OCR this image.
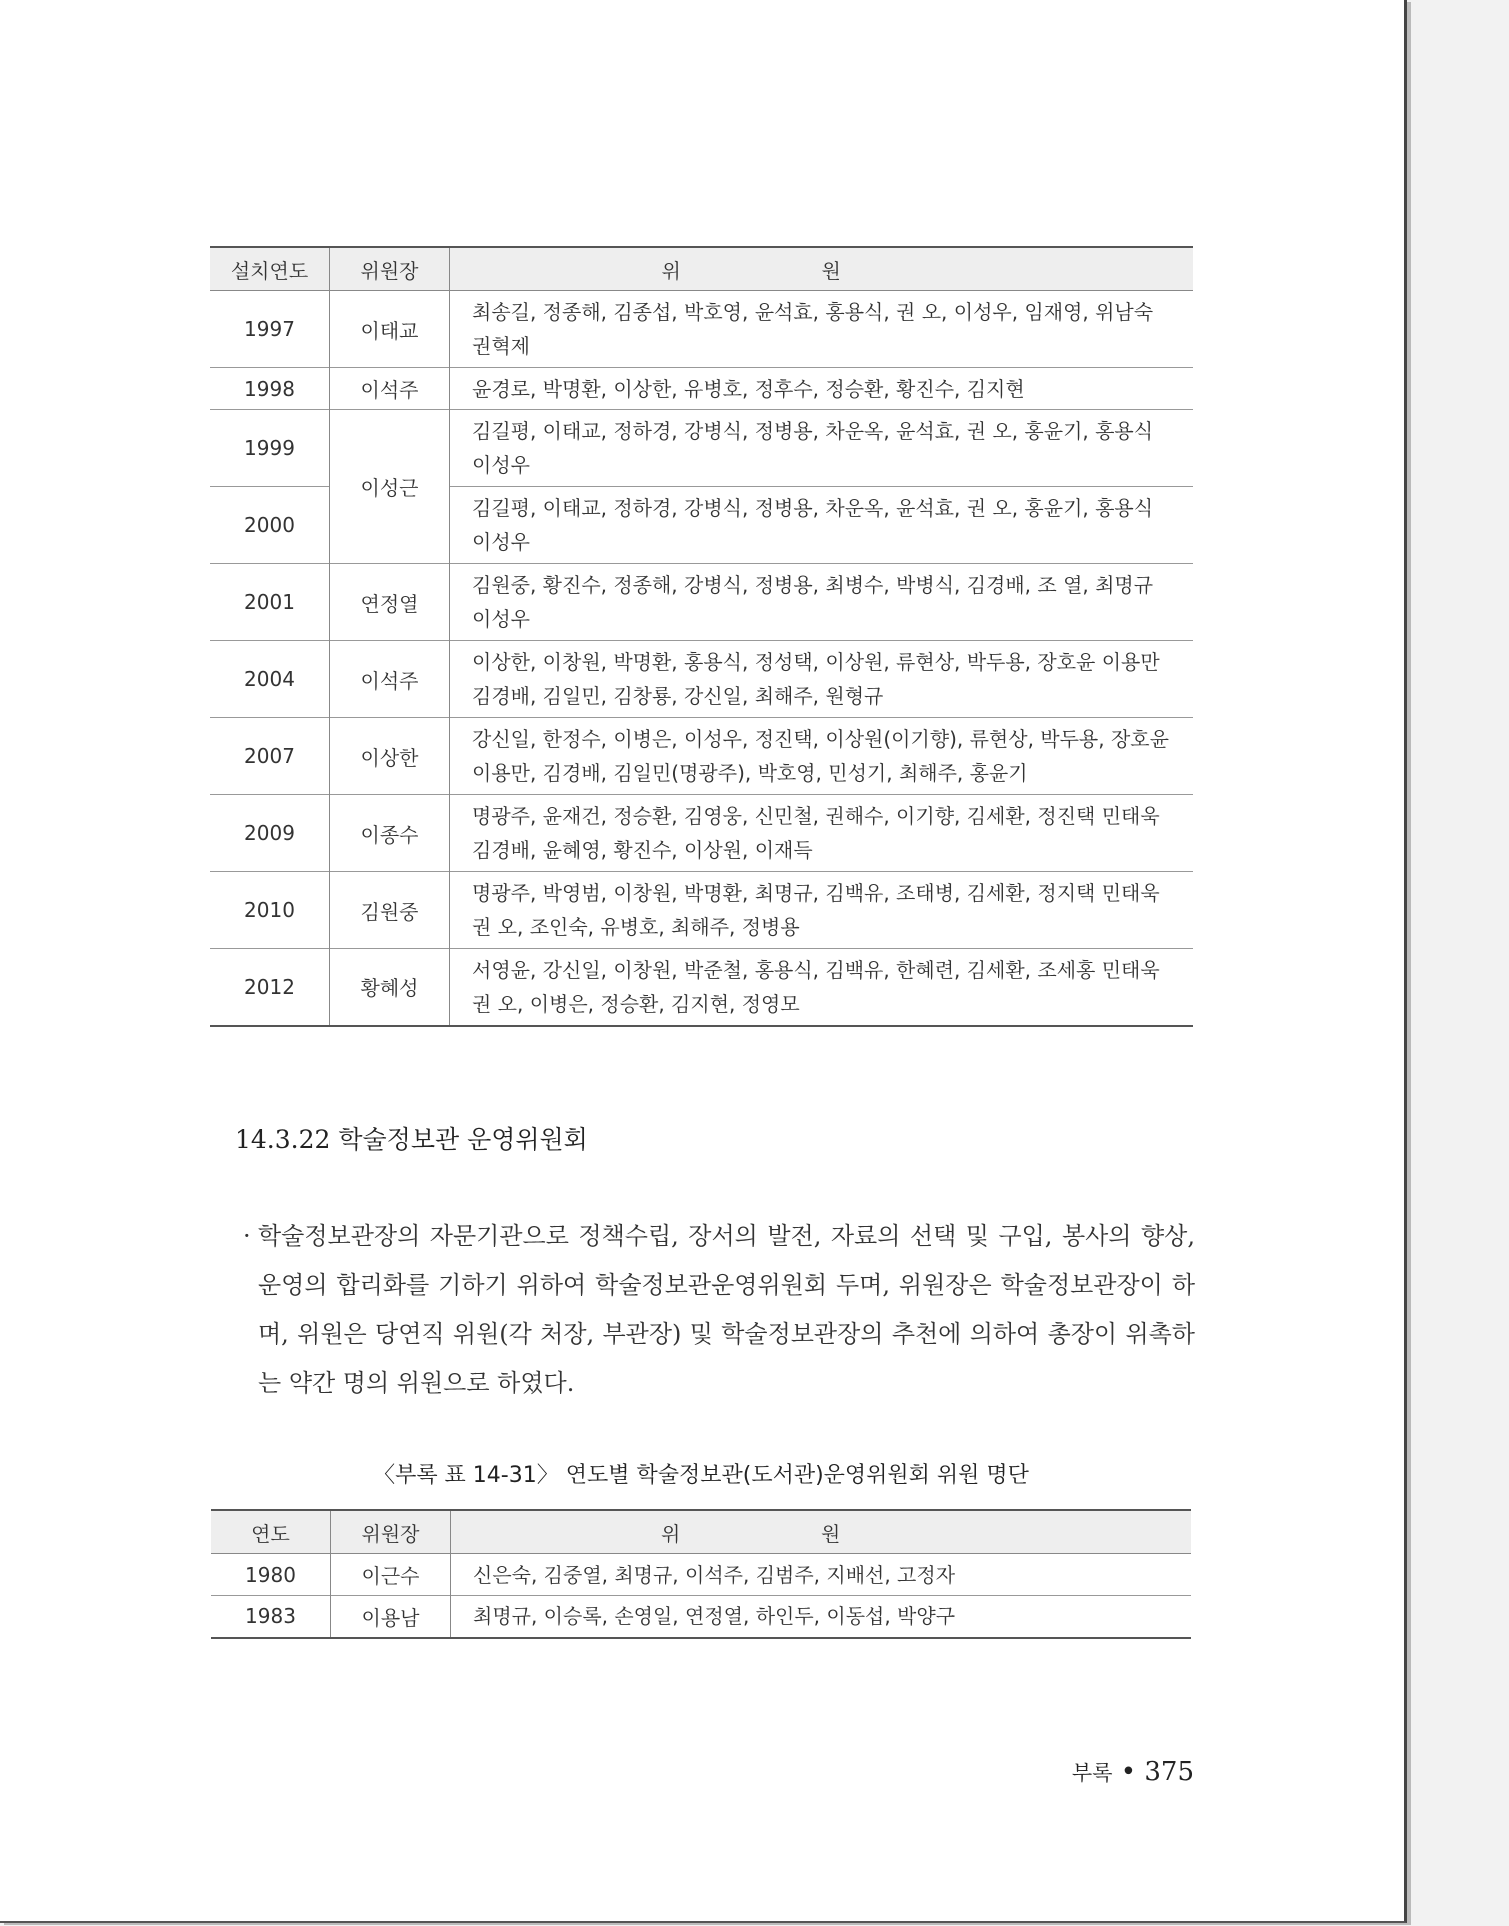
설치연도	위원장	위 원
1997	이태교	최송길, 정종해, 김종섭, 박호영, 윤석효, 홍용식, 권 오, 이성우, 임재영, 위남숙
권혁제

1998	이석주	윤경로, 박명환, 이상한, 유병호, 정후수, 정승환, 황진수, 김지현

1999	이성근	김길평, 이태교, 정하경, 강병식, 정병용, 차운옥, 윤석효, 권 오, 홍윤기, 홍용식
이성우

2000		김길평, 이태교, 정하경, 강병식, 정병용, 차운옥, 윤석효, 권 오, 홍윤기, 홍용식
이성우

2001	연정열	김원중, 황진수, 정종해, 강병식, 정병용, 최병수, 박병식, 김경배, 조 열, 최명규
이성우

2004	이석주	이상한, 이창원, 박명환, 홍용식, 정성택, 이상원, 류현상, 박두용, 장호윤 이용만
김경배, 김일민, 김창룡, 강신일, 최해주, 원형규

2007	이상한	강신일, 한정수, 이병은, 이성우, 정진택, 이상원(이기향), 류현상, 박두용, 장호윤
이용만, 김경배, 김일민(명광주), 박호영, 민성기, 최해주, 홍윤기

2009	이종수	명광주, 윤재건, 정승환, 김영웅, 신민철, 권해수, 이기향, 김세환, 정진택 민태욱
김경배, 윤혜영, 황진수, 이상원, 이재득

2010	김원중	명광주, 박영범, 이창원, 박명환, 최명규, 김백유, 조태병, 김세환, 정지택 민태욱
권 오, 조인숙, 유병호, 최해주, 정병용

2012	황혜성	서영윤, 강신일, 이창원, 박준철, 홍용식, 김백유, 한혜련, 김세환, 조세홍 민태욱
권 오, 이병은, 정승환, 김지현, 정영모
14.3.22 학술정보관 운영위원회
· 학술정보관장의 자문기관으로 정책수립, 장서의 발전, 자료의 선택 및 구입, 봉사의 향상, 운영의 합리화를 기하기 위하여 학술정보관운영위원회 두며, 위원장은 학술정보관장이 하며, 위원은 당연직 위원(각 처장, 부관장) 및 학술정보관장의 추천에 의하여 총장이 위촉하는 약간 명의 위원으로 하였다.
〈부록 표 14-31〉 연도별 학술정보관(도서관)운영위원회 위원 명단
연도	위원장	위 원
1980	이근수	신은숙, 김중열, 최명규, 이석주, 김범주, 지배선, 고정자
1983	이용남	최명규, 이승록, 손영일, 연정열, 하인두, 이동섭, 박양구
부록 • 375
